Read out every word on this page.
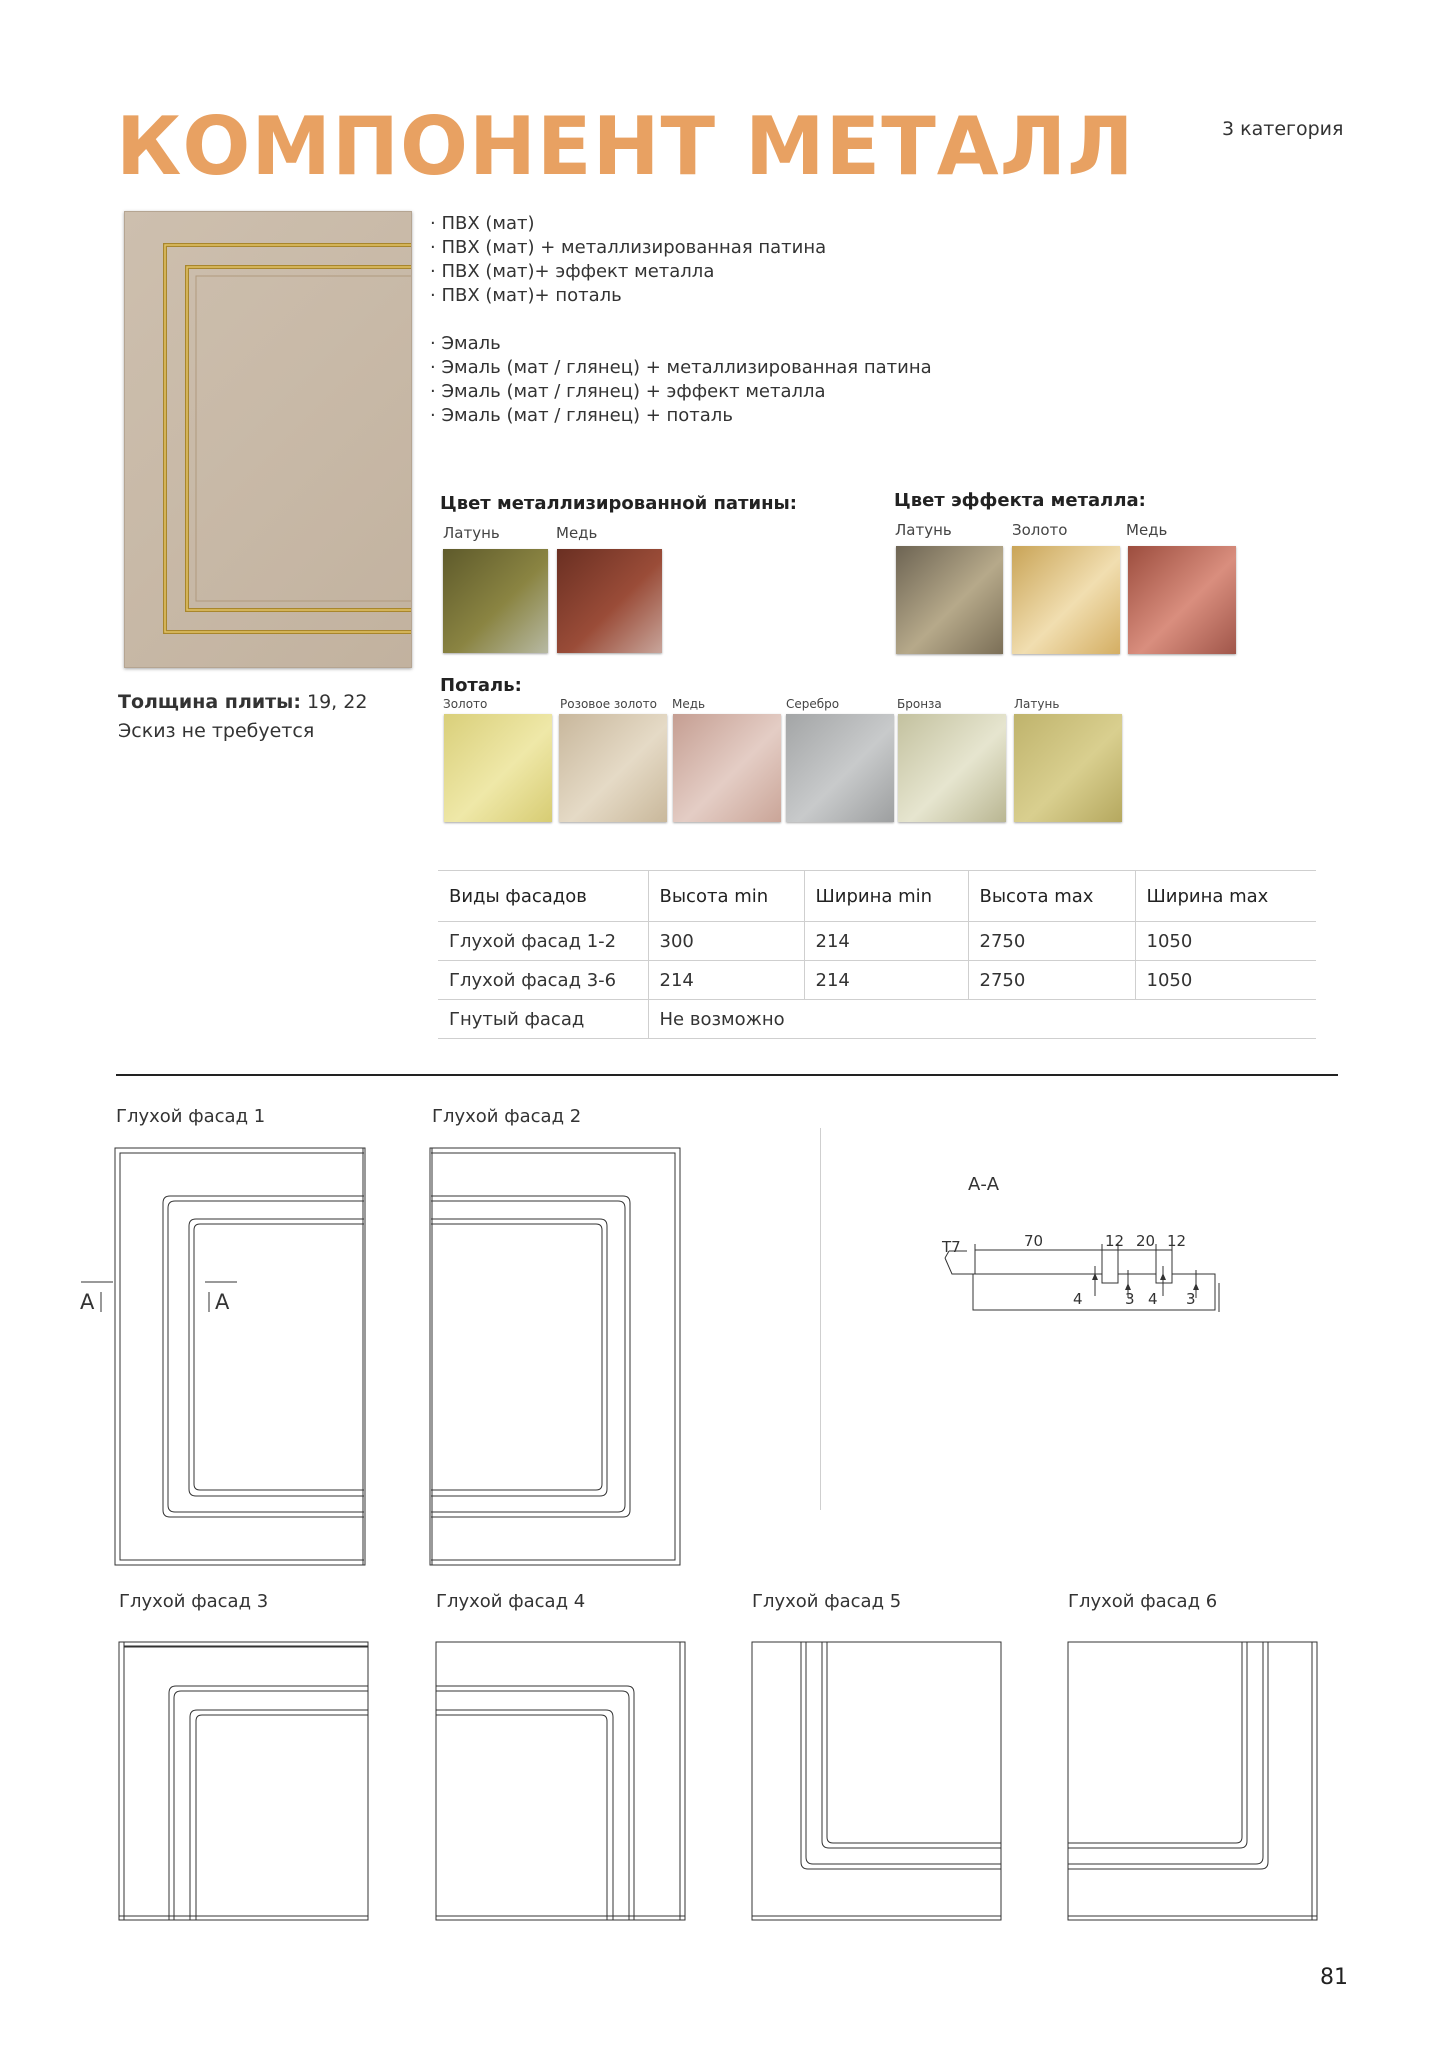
КОМПОНЕНТ МЕТАЛЛ	3 категория
· ПВХ (мат)
· ПВХ (мат) + металлизированная патина
· ПВХ (мат)+ эффект металла
· ПВХ (мат)+ поталь
· Эмаль
· Эмаль (мат / глянец) + металлизированная патина
· Эмаль (мат / глянец) + эффект металла
· Эмаль (мат / глянец) + поталь
Толщина плиты: 19, 22
Эскиз не требуется
Цвет металлизированной патины:
Латунь	Медь
Цвет эффекта металла:
Латунь	Золото	Медь
Поталь:
Золото	Розовое золото Медь	Серебро	Бронза	Латунь
Виды фасадов	Высота min	Ширина min	Высота max	Ширина max
Глухой фасад 1-2	300	214	2750	1050
Глухой фасад 3-6	214	214	2750	1050
Гнутый фасад	Не возможно			
Глухой фасад 1	Глухой фасад 2
Глухой фасад 3	Глухой фасад 4	Глухой фасад 5	Глухой фасад 6
A	A
А-А
T7	70	12 20 12
4	3 4 3
81
